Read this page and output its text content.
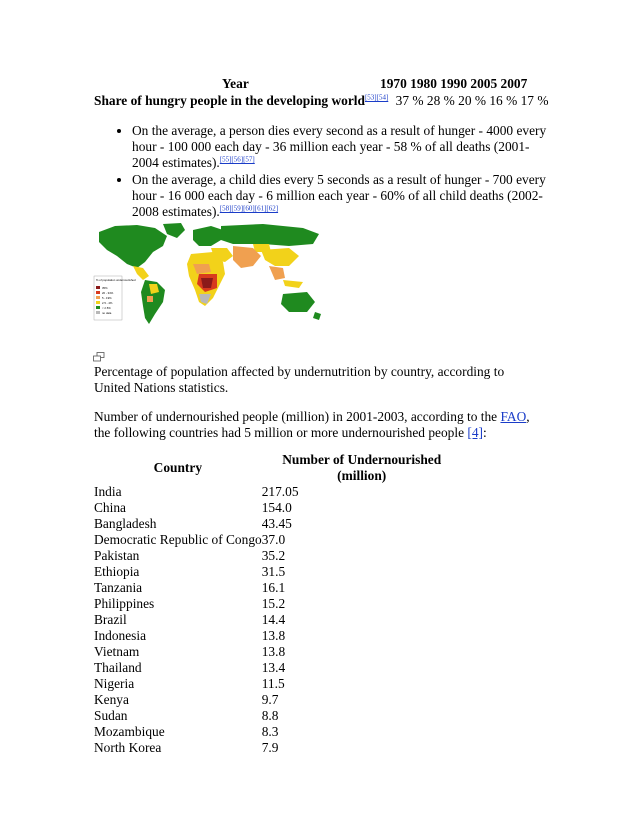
Year	1970 1980 1990 2005 2007
Share of hungry people in the developing world[53][54] 37 % 28 % 20 % 16 % 17 %
• On the average, a person dies every second as a result of hunger - 4000 every hour - 100 000 each day - 36 million each year - 58 % of all deaths (2001-2004 estimates).[55][56][57]
• On the average, a child dies every 5 seconds as a result of hunger - 700 every hour - 16 000 each day - 6 million each year - 60% of all child deaths (2002-2008 estimates).[58][59][60][61][62]
% of population undernourished
35%
20 - 34%
5 - 19%
2.5 - 4%
< 2.5%
no data
Percentage of population affected by undernutrition by country, according to United Nations statistics.
Number of undernourished people (million) in 2001-2003, according to the FAO, the following countries had 5 million or more undernourished people [4]:
Country	Number of Undernourished (million)
India	217.05
China	154.0
Bangladesh	43.45
Democratic Republic of Congo	37.0
Pakistan	35.2
Ethiopia	31.5
Tanzania	16.1
Philippines	15.2
Brazil	14.4
Indonesia	13.8
Vietnam	13.8
Thailand	13.4
Nigeria	11.5
Kenya	9.7
Sudan	8.8
Mozambique	8.3
North Korea	7.9
